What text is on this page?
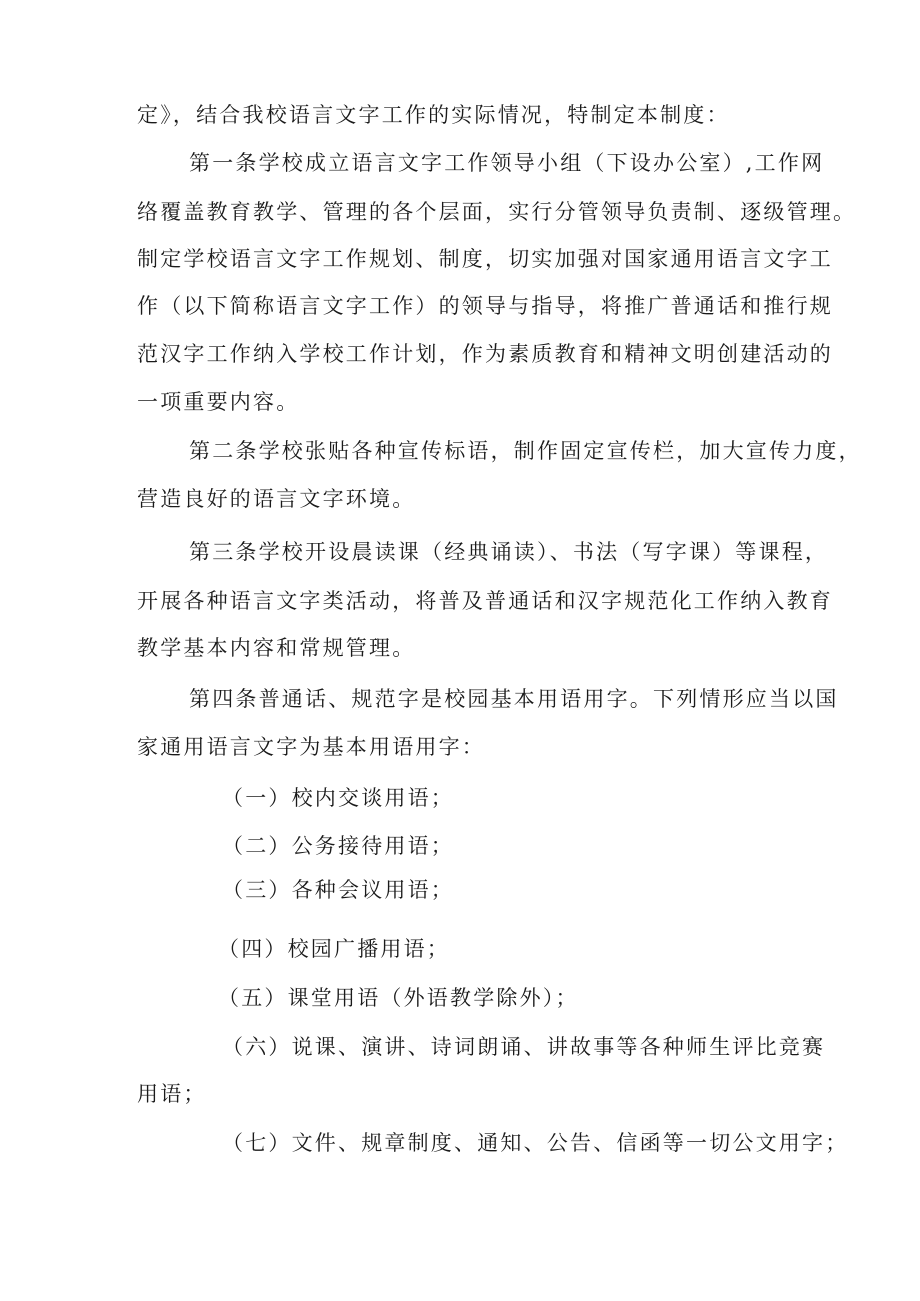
定》，结合我校语言文字工作的实际情况，特制定本制度：
第一条学校成立语言文字工作领导小组（下设办公室）,工作网
络覆盖教育教学、管理的各个层面，实行分管领导负责制、逐级管理。
制定学校语言文字工作规划、制度，切实加强对国家通用语言文字工
作（以下简称语言文字工作）的领导与指导，将推广普通话和推行规
范汉字工作纳入学校工作计划，作为素质教育和精神文明创建活动的
一项重要内容。
第二条学校张贴各种宣传标语，制作固定宣传栏，加大宣传力度，
营造良好的语言文字环境。
第三条学校开设晨读课（经典诵读）、书法（写字课）等课程，
开展各种语言文字类活动，将普及普通话和汉字规范化工作纳入教育
教学基本内容和常规管理。
第四条普通话、规范字是校园基本用语用字。下列情形应当以国
家通用语言文字为基本用语用字：
（一）校内交谈用语；
（二）公务接待用语；
（三）各种会议用语；
（四）校园广播用语；
（五）课堂用语（外语教学除外）；
（六）说课、演讲、诗词朗诵、讲故事等各种师生评比竞赛
用语；
（七）文件、规章制度、通知、公告、信函等一切公文用字；
